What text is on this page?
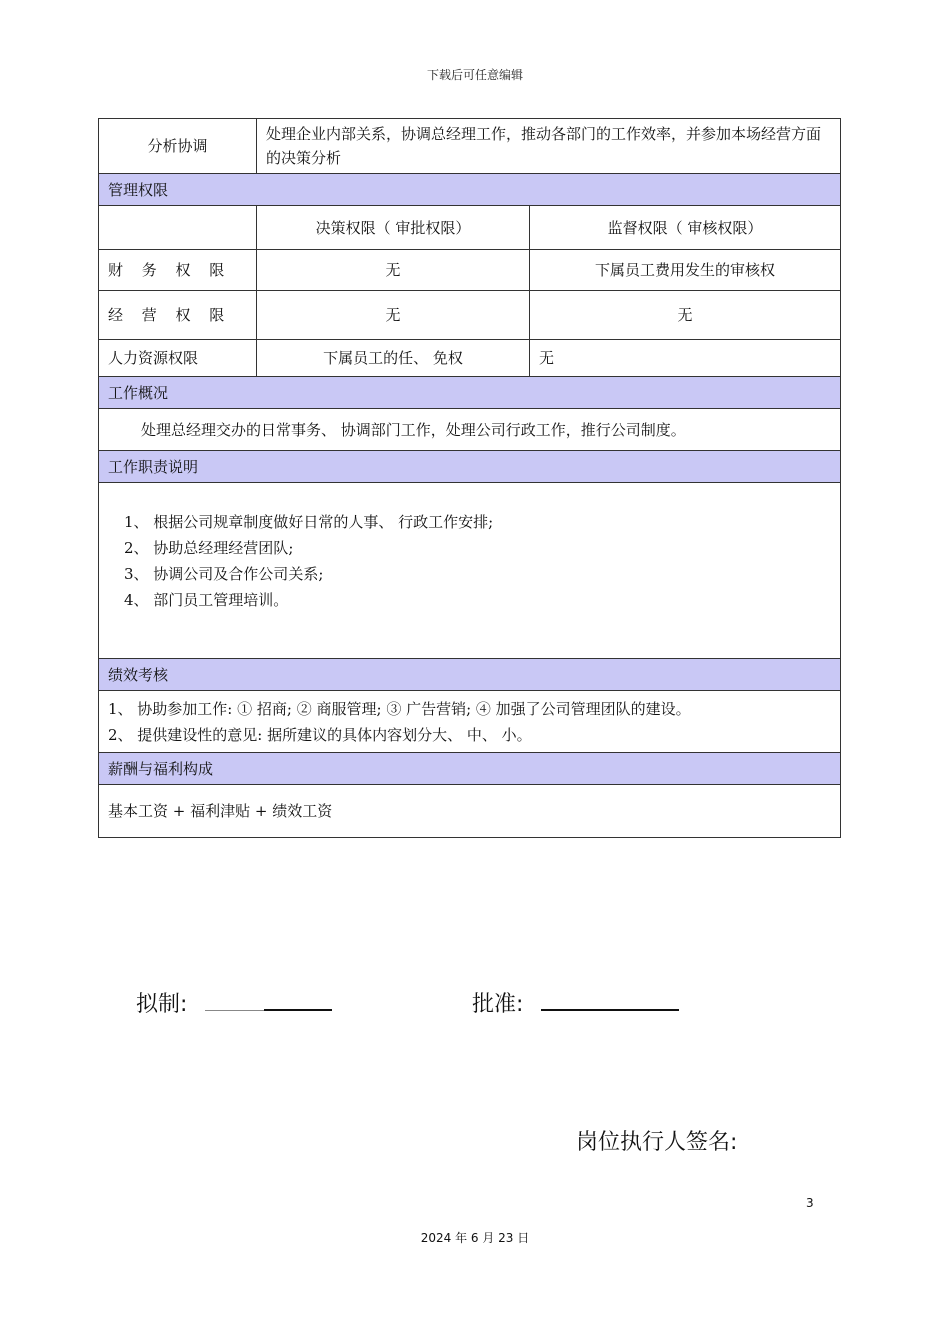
下载后可任意编辑
分析协调	处理企业内部关系，协调总经理工作，推动各部门的工作效率，并参加本场经营方面的决策分析	
管理权限		
	决策权限（ 审批权限）	监督权限（ 审核权限）
财 务 权 限	无	下属员工费用发生的审核权
经 营 权 限	无	无
人力资源权限	下属员工的任、 免权	无
工作概况		
处理总经理交办的日常事务、 协调部门工作，处理公司行政工作，推行公司制度。		
工作职责说明		

1、 根据公司规章制度做好日常的人事、 行政工作安排;
2、 协助总经理经营团队;
3、 协调公司及合作公司关系;
4、 部门员工管理培训。		

绩效考核		

1、 协助参加工作: ① 招商; ② 商服管理; ③ 广告营销; ④ 加强了公司管理团队的建设。
2、 提供建设性的意见: 据所建议的具体内容划分大、 中、 小。		

薪酬与福利构成		
基本工资 + 福利津贴 + 绩效工资		
拟制:	批准:
岗位执行人签名:
3
2024 年 6 月 23 日
